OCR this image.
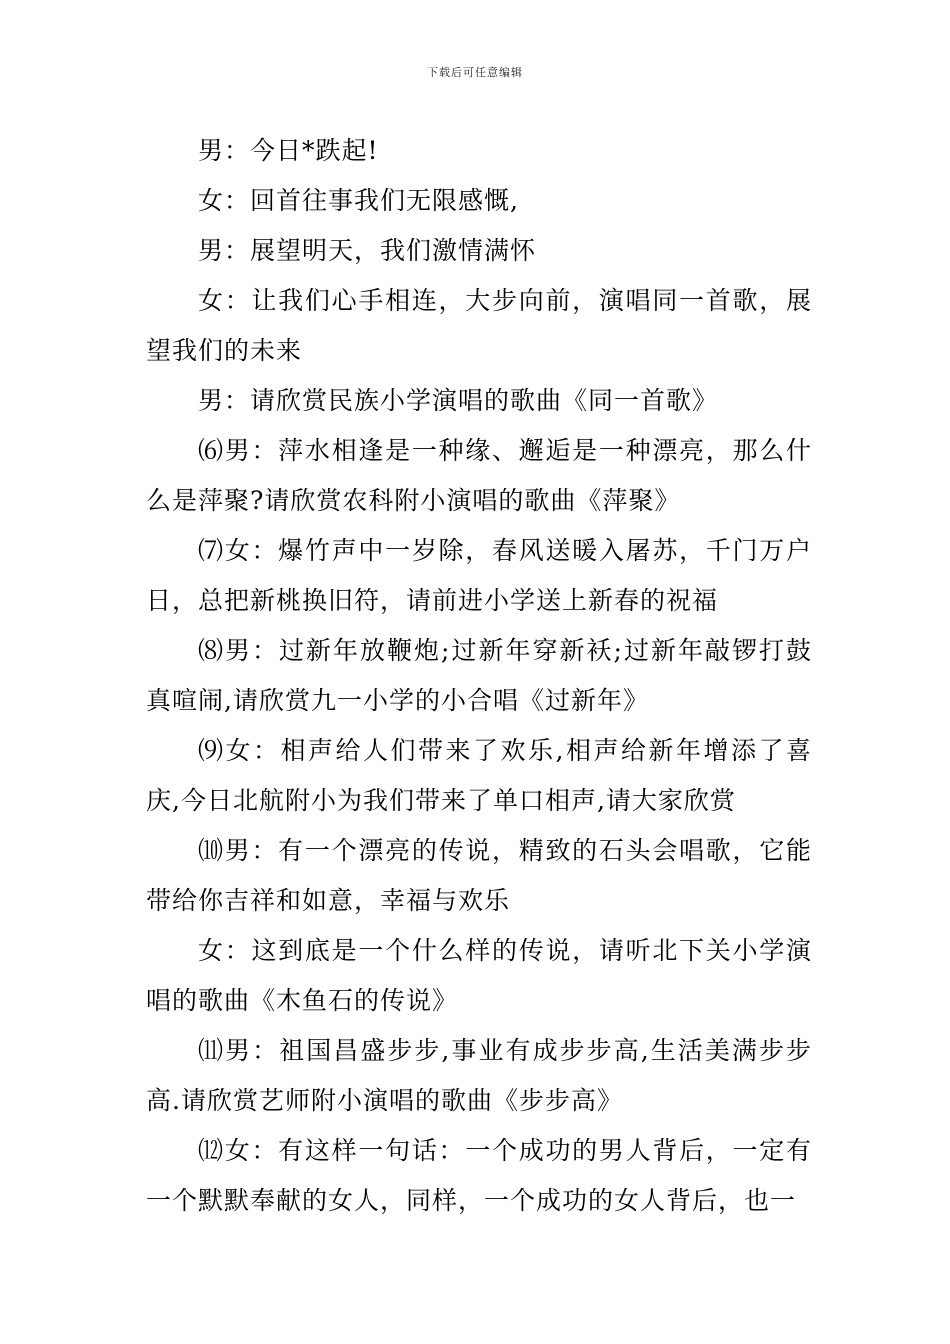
下载后可任意编辑

男：今日*跌起!

女：回首往事我们无限感慨,

男：展望明天，我们激情满怀

女：让我们心手相连，大步向前，演唱同一首歌，展望我们的未来

男：请欣赏民族小学演唱的歌曲《同一首歌》

⑹男：萍水相逢是一种缘、邂逅是一种漂亮，那么什么是萍聚?请欣赏农科附小演唱的歌曲《萍聚》

⑺女：爆竹声中一岁除，春风送暖入屠苏，千门万户日，总把新桃换旧符，请前进小学送上新春的祝福

⑻男：过新年放鞭炮;过新年穿新袄;过新年敲锣打鼓真喧闹,请欣赏九一小学的小合唱《过新年》

⑼女：相声给人们带来了欢乐,相声给新年增添了喜庆,今日北航附小为我们带来了单口相声,请大家欣赏

⑽男：有一个漂亮的传说，精致的石头会唱歌，它能带给你吉祥和如意，幸福与欢乐

女：这到底是一个什么样的传说，请听北下关小学演唱的歌曲《木鱼石的传说》

⑾男：祖国昌盛步步,事业有成步步高,生活美满步步高.请欣赏艺师附小演唱的歌曲《步步高》

⑿女：有这样一句话：一个成功的男人背后，一定有一个默默奉献的女人，同样，一个成功的女人背后，也一
